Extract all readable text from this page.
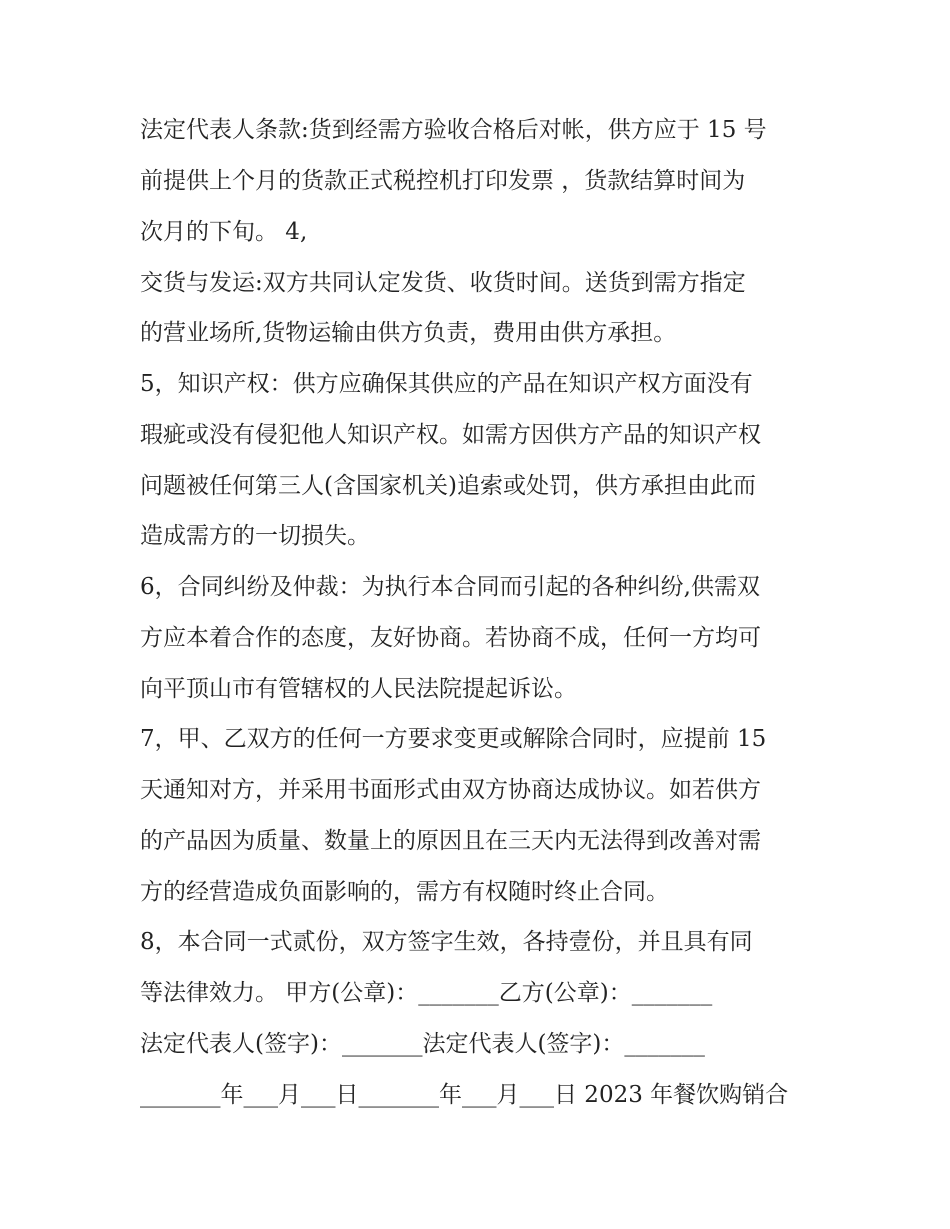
法定代表人条款:货到经需方验收合格后对帐，供方应于 15 号
前提供上个月的货款正式税控机打印发票 ，货款结算时间为
次月的下旬。 4,
交货与发运:双方共同认定发货、收货时间。送货到需方指定
的营业场所,货物运输由供方负责，费用由供方承担。
5，知识产权：供方应确保其供应的产品在知识产权方面没有
瑕疵或没有侵犯他人知识产权。如需方因供方产品的知识产权
问题被任何第三人(含国家机关)追索或处罚，供方承担由此而
造成需方的一切损失。
6，合同纠纷及仲裁：为执行本合同而引起的各种纠纷,供需双
方应本着合作的态度，友好协商。若协商不成，任何一方均可
向平顶山市有管辖权的人民法院提起诉讼。
7，甲、乙双方的任何一方要求变更或解除合同时，应提前 15
天通知对方，并采用书面形式由双方协商达成协议。如若供方
的产品因为质量、数量上的原因且在三天内无法得到改善对需
方的经营造成负面影响的，需方有权随时终止合同。
8，本合同一式贰份，双方签字生效，各持壹份，并且具有同
等法律效力。 甲方(公章)：_______乙方(公章)：_______
法定代表人(签字)：_______法定代表人(签字)：_______
_______年___月___日_______年___月___日 2023 年餐饮购销合
